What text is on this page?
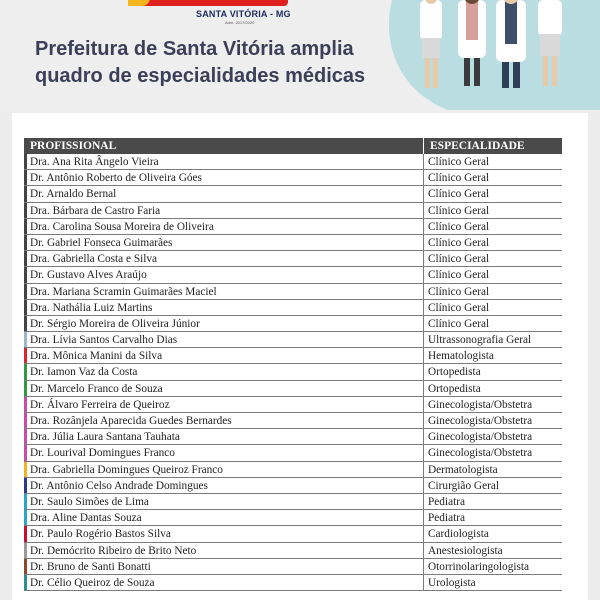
SANTA VITÓRIA - MG
Adm. 2017/2020
Prefeitura de Santa Vitória amplia
quadro de especialidades médicas
PROFISSIONAL	ESPECIALIDADE
Dra. Ana Rita Ângelo Vieira	Clínico Geral
Dr. Antônio Roberto de Oliveira Góes	Clínico Geral
Dr. Arnaldo Bernal	Clínico Geral
Dra. Bárbara de Castro Faria	Clínico Geral
Dra. Carolina Sousa Moreira de Oliveira	Clínico Geral
Dr. Gabriel Fonseca Guimarães	Clínico Geral
Dra. Gabriella Costa e Silva	Clínico Geral
Dr. Gustavo Alves Araújo	Clínico Geral
Dra. Mariana Scramin Guimarães Maciel	Clínico Geral
Dra. Nathália Luiz Martins	Clínico Geral
Dr. Sérgio Moreira de Oliveira Júnior	Clínico Geral
Dra. Lívia Santos Carvalho Dias	Ultrassonografia Geral
Dra. Mônica Manini da Silva	Hematologista
Dr. Iamon Vaz da Costa	Ortopedista
Dr. Marcelo Franco de Souza	Ortopedista
Dr. Álvaro Ferreira de Queiroz	Ginecologista/Obstetra
Dra. Rozânjela Aparecida Guedes Bernardes	Ginecologista/Obstetra
Dra. Júlia Laura Santana Tauhata	Ginecologista/Obstetra
Dr. Lourival Domingues Franco	Ginecologista/Obstetra
Dra. Gabriella Domingues Queiroz Franco	Dermatologista
Dr. Antônio Celso Andrade Domingues	Cirurgião Geral
Dr. Saulo Simões de Lima	Pediatra
Dra. Aline Dantas Souza	Pediatra
Dr. Paulo Rogério Bastos Silva	Cardiologista
Dr. Demócrito Ribeiro de Brito Neto	Anestesiologista
Dr. Bruno de Santi Bonatti	Otorrinolaringologista
Dr. Célio Queiroz de Souza	Urologista
